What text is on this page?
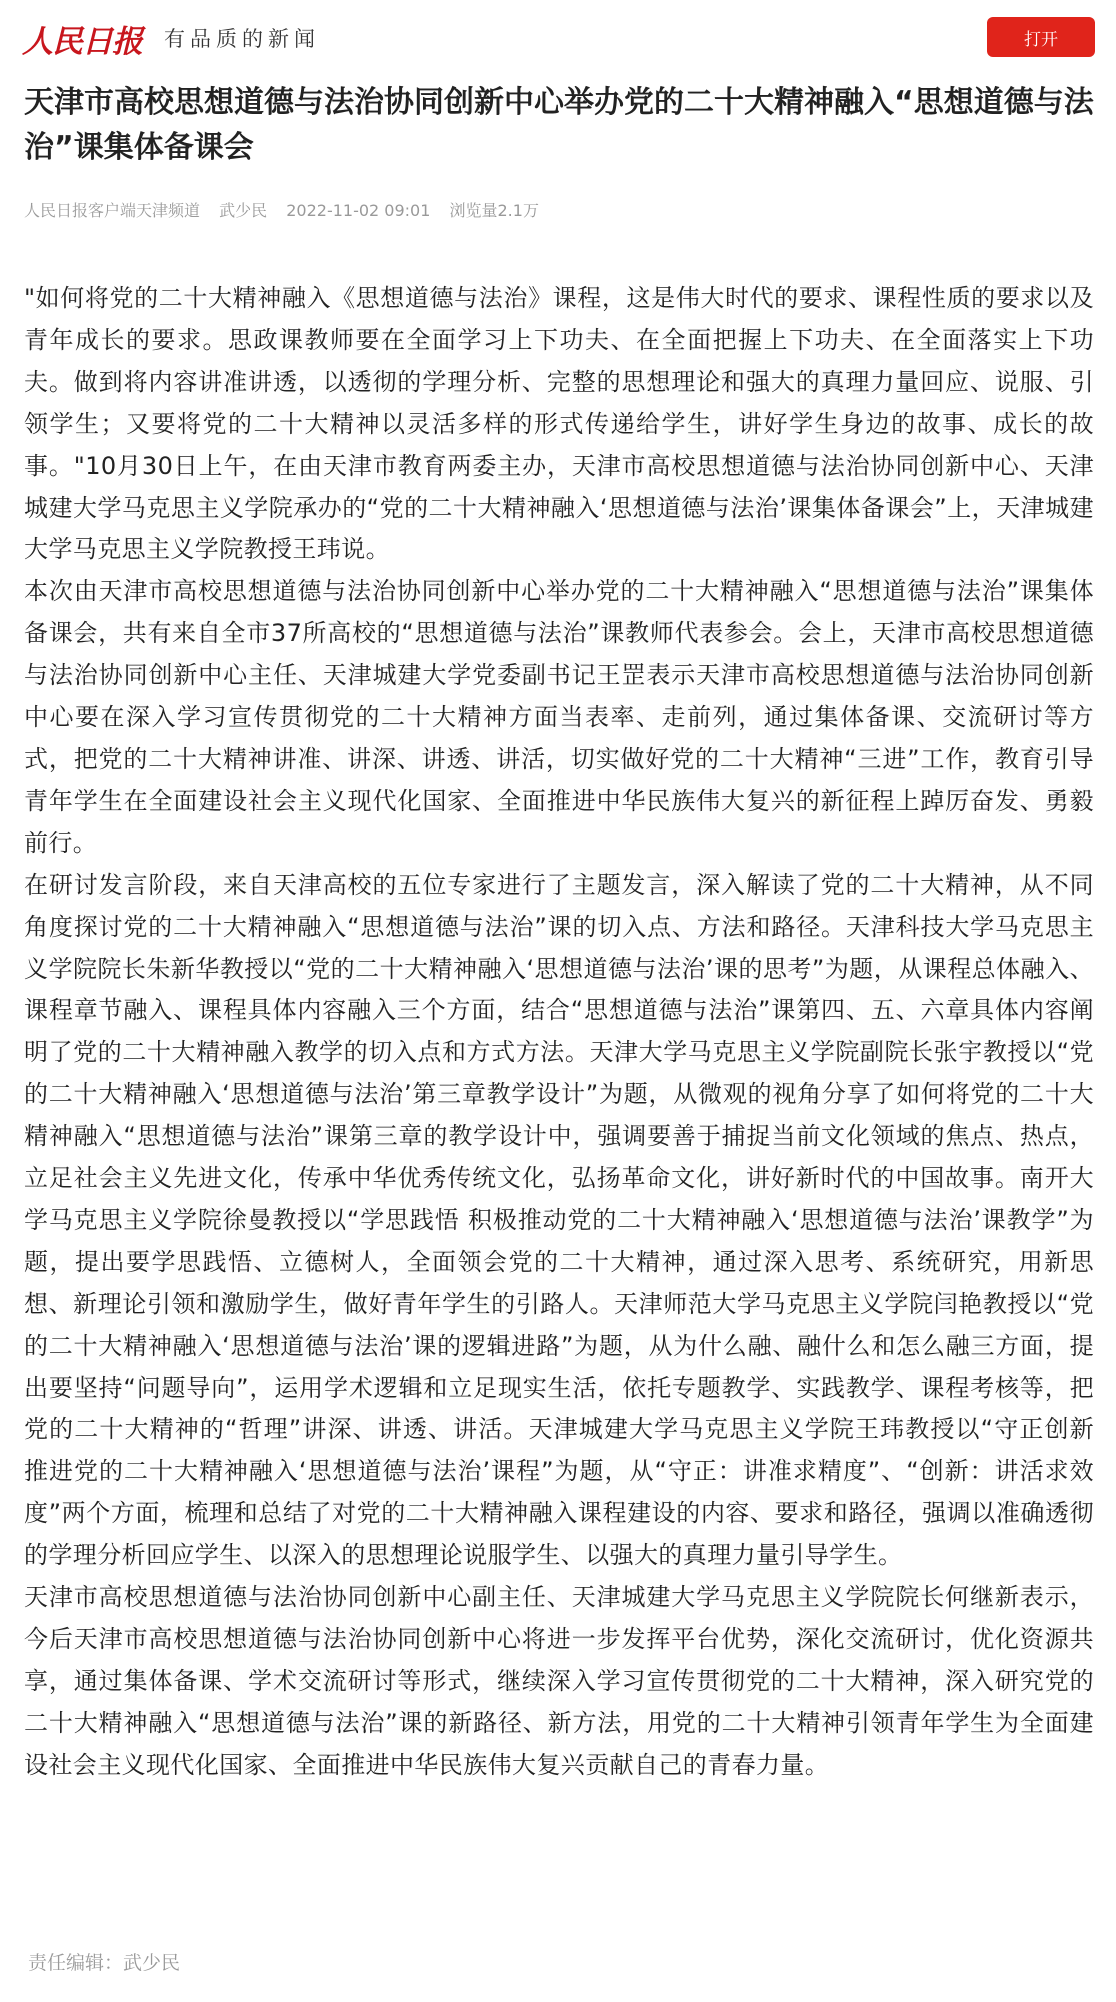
人民日报 有品质的新闻	打开
天津市高校思想道德与法治协同创新中心举办党的二十大精神融入“思想道德与法治”课集体备课会
人民日报客户端天津频道 武少民 2022-11-02 09:01 浏览量2.1万

"如何将党的二十大精神融入《思想道德与法治》课程，这是伟大时代的要求、课程性质的要求以及青年成长的要求。思政课教师要在全面学习上下功夫、在全面把握上下功夫、在全面落实上下功夫。做到将内容讲准讲透，以透彻的学理分析、完整的思想理论和强大的真理力量回应、说服、引领学生；又要将党的二十大精神以灵活多样的形式传递给学生，讲好学生身边的故事、成长的故事。"10月30日上午，在由天津市教育两委主办，天津市高校思想道德与法治协同创新中心、天津城建大学马克思主义学院承办的“党的二十大精神融入‘思想道德与法治’课集体备课会”上，天津城建大学马克思主义学院教授王玮说。

本次由天津市高校思想道德与法治协同创新中心举办党的二十大精神融入“思想道德与法治”课集体备课会，共有来自全市37所高校的“思想道德与法治”课教师代表参会。会上，天津市高校思想道德与法治协同创新中心主任、天津城建大学党委副书记王罡表示天津市高校思想道德与法治协同创新中心要在深入学习宣传贯彻党的二十大精神方面当表率、走前列，通过集体备课、交流研讨等方式，把党的二十大精神讲准、讲深、讲透、讲活，切实做好党的二十大精神“三进”工作，教育引导青年学生在全面建设社会主义现代化国家、全面推进中华民族伟大复兴的新征程上踔厉奋发、勇毅前行。

在研讨发言阶段，来自天津高校的五位专家进行了主题发言，深入解读了党的二十大精神，从不同角度探讨党的二十大精神融入“思想道德与法治”课的切入点、方法和路径。天津科技大学马克思主义学院院长朱新华教授以“党的二十大精神融入‘思想道德与法治’课的思考”为题，从课程总体融入、课程章节融入、课程具体内容融入三个方面，结合“思想道德与法治”课第四、五、六章具体内容阐明了党的二十大精神融入教学的切入点和方式方法。天津大学马克思主义学院副院长张宇教授以“党的二十大精神融入‘思想道德与法治’第三章教学设计”为题，从微观的视角分享了如何将党的二十大精神融入“思想道德与法治”课第三章的教学设计中，强调要善于捕捉当前文化领域的焦点、热点，立足社会主义先进文化，传承中华优秀传统文化，弘扬革命文化，讲好新时代的中国故事。南开大学马克思主义学院徐曼教授以“学思践悟 积极推动党的二十大精神融入‘思想道德与法治’课教学”为题，提出要学思践悟、立德树人，全面领会党的二十大精神，通过深入思考、系统研究，用新思想、新理论引领和激励学生，做好青年学生的引路人。天津师范大学马克思主义学院闫艳教授以“党的二十大精神融入‘思想道德与法治’课的逻辑进路”为题，从为什么融、融什么和怎么融三方面，提出要坚持“问题导向”，运用学术逻辑和立足现实生活，依托专题教学、实践教学、课程考核等，把党的二十大精神的“哲理”讲深、讲透、讲活。天津城建大学马克思主义学院王玮教授以“守正创新 推进党的二十大精神融入‘思想道德与法治’课程”为题，从“守正：讲准求精度”、“创新：讲活求效度”两个方面，梳理和总结了对党的二十大精神融入课程建设的内容、要求和路径，强调以准确透彻的学理分析回应学生、以深入的思想理论说服学生、以强大的真理力量引导学生。

天津市高校思想道德与法治协同创新中心副主任、天津城建大学马克思主义学院院长何继新表示，今后天津市高校思想道德与法治协同创新中心将进一步发挥平台优势，深化交流研讨，优化资源共享，通过集体备课、学术交流研讨等形式，继续深入学习宣传贯彻党的二十大精神，深入研究党的二十大精神融入“思想道德与法治”课的新路径、新方法，用党的二十大精神引领青年学生为全面建设社会主义现代化国家、全面推进中华民族伟大复兴贡献自己的青春力量。

责任编辑：武少民
